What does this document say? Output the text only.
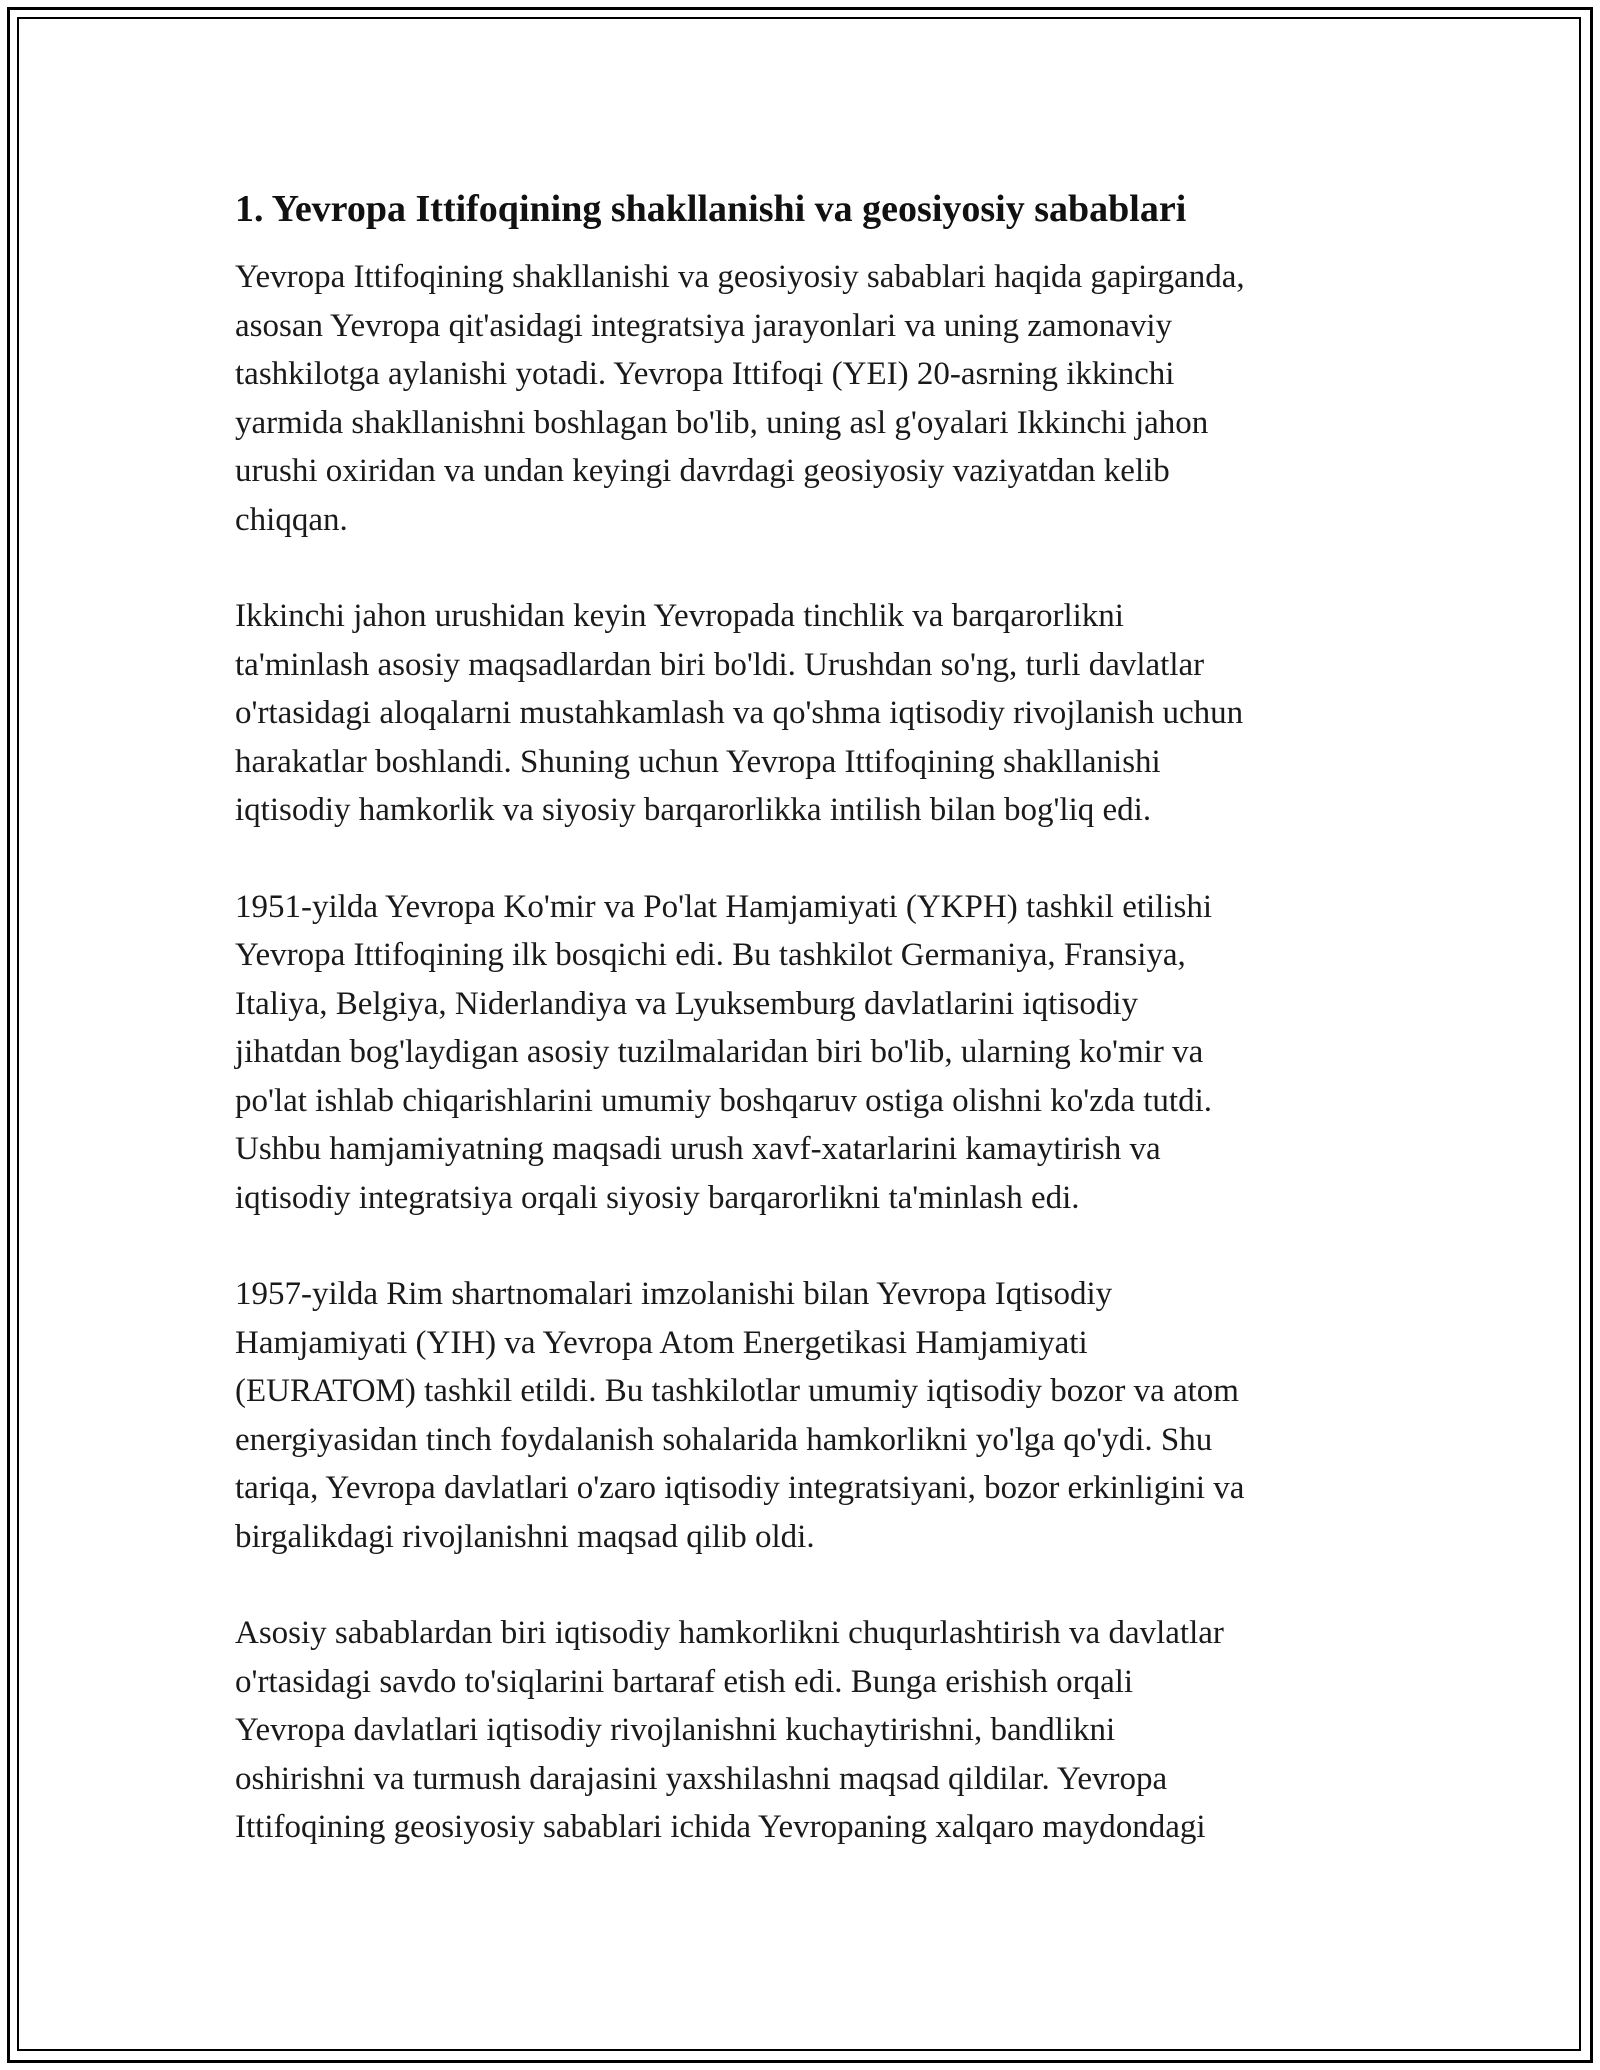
1. Yevropa Ittifoqining shakllanishi va geosiyosiy sabablari

Yevropa Ittifoqining shakllanishi va geosiyosiy sabablari haqida gapirganda,
asosan Yevropa qit'asidagi integratsiya jarayonlari va uning zamonaviy
tashkilotga aylanishi yotadi. Yevropa Ittifoqi (YEI) 20-asrning ikkinchi
yarmida shakllanishni boshlagan bo'lib, uning asl g'oyalari Ikkinchi jahon
urushi oxiridan va undan keyingi davrdagi geosiyosiy vaziyatdan kelib
chiqqan.

Ikkinchi jahon urushidan keyin Yevropada tinchlik va barqarorlikni
ta'minlash asosiy maqsadlardan biri bo'ldi. Urushdan so'ng, turli davlatlar
o'rtasidagi aloqalarni mustahkamlash va qo'shma iqtisodiy rivojlanish uchun
harakatlar boshlandi. Shuning uchun Yevropa Ittifoqining shakllanishi
iqtisodiy hamkorlik va siyosiy barqarorlikka intilish bilan bog'liq edi.

1951-yilda Yevropa Ko'mir va Po'lat Hamjamiyati (YKPH) tashkil etilishi
Yevropa Ittifoqining ilk bosqichi edi. Bu tashkilot Germaniya, Fransiya,
Italiya, Belgiya, Niderlandiya va Lyuksemburg davlatlarini iqtisodiy
jihatdan bog'laydigan asosiy tuzilmalaridan biri bo'lib, ularning ko'mir va
po'lat ishlab chiqarishlarini umumiy boshqaruv ostiga olishni ko'zda tutdi.
Ushbu hamjamiyatning maqsadi urush xavf-xatarlarini kamaytirish va
iqtisodiy integratsiya orqali siyosiy barqarorlikni ta'minlash edi.

1957-yilda Rim shartnomalari imzolanishi bilan Yevropa Iqtisodiy
Hamjamiyati (YIH) va Yevropa Atom Energetikasi Hamjamiyati
(EURATOM) tashkil etildi. Bu tashkilotlar umumiy iqtisodiy bozor va atom
energiyasidan tinch foydalanish sohalarida hamkorlikni yo'lga qo'ydi. Shu
tariqa, Yevropa davlatlari o'zaro iqtisodiy integratsiyani, bozor erkinligini va
birgalikdagi rivojlanishni maqsad qilib oldi.

Asosiy sabablardan biri iqtisodiy hamkorlikni chuqurlashtirish va davlatlar
o'rtasidagi savdo to'siqlarini bartaraf etish edi. Bunga erishish orqali
Yevropa davlatlari iqtisodiy rivojlanishni kuchaytirishni, bandlikni
oshirishni va turmush darajasini yaxshilashni maqsad qildilar. Yevropa
Ittifoqining geosiyosiy sabablari ichida Yevropaning xalqaro maydondagi
